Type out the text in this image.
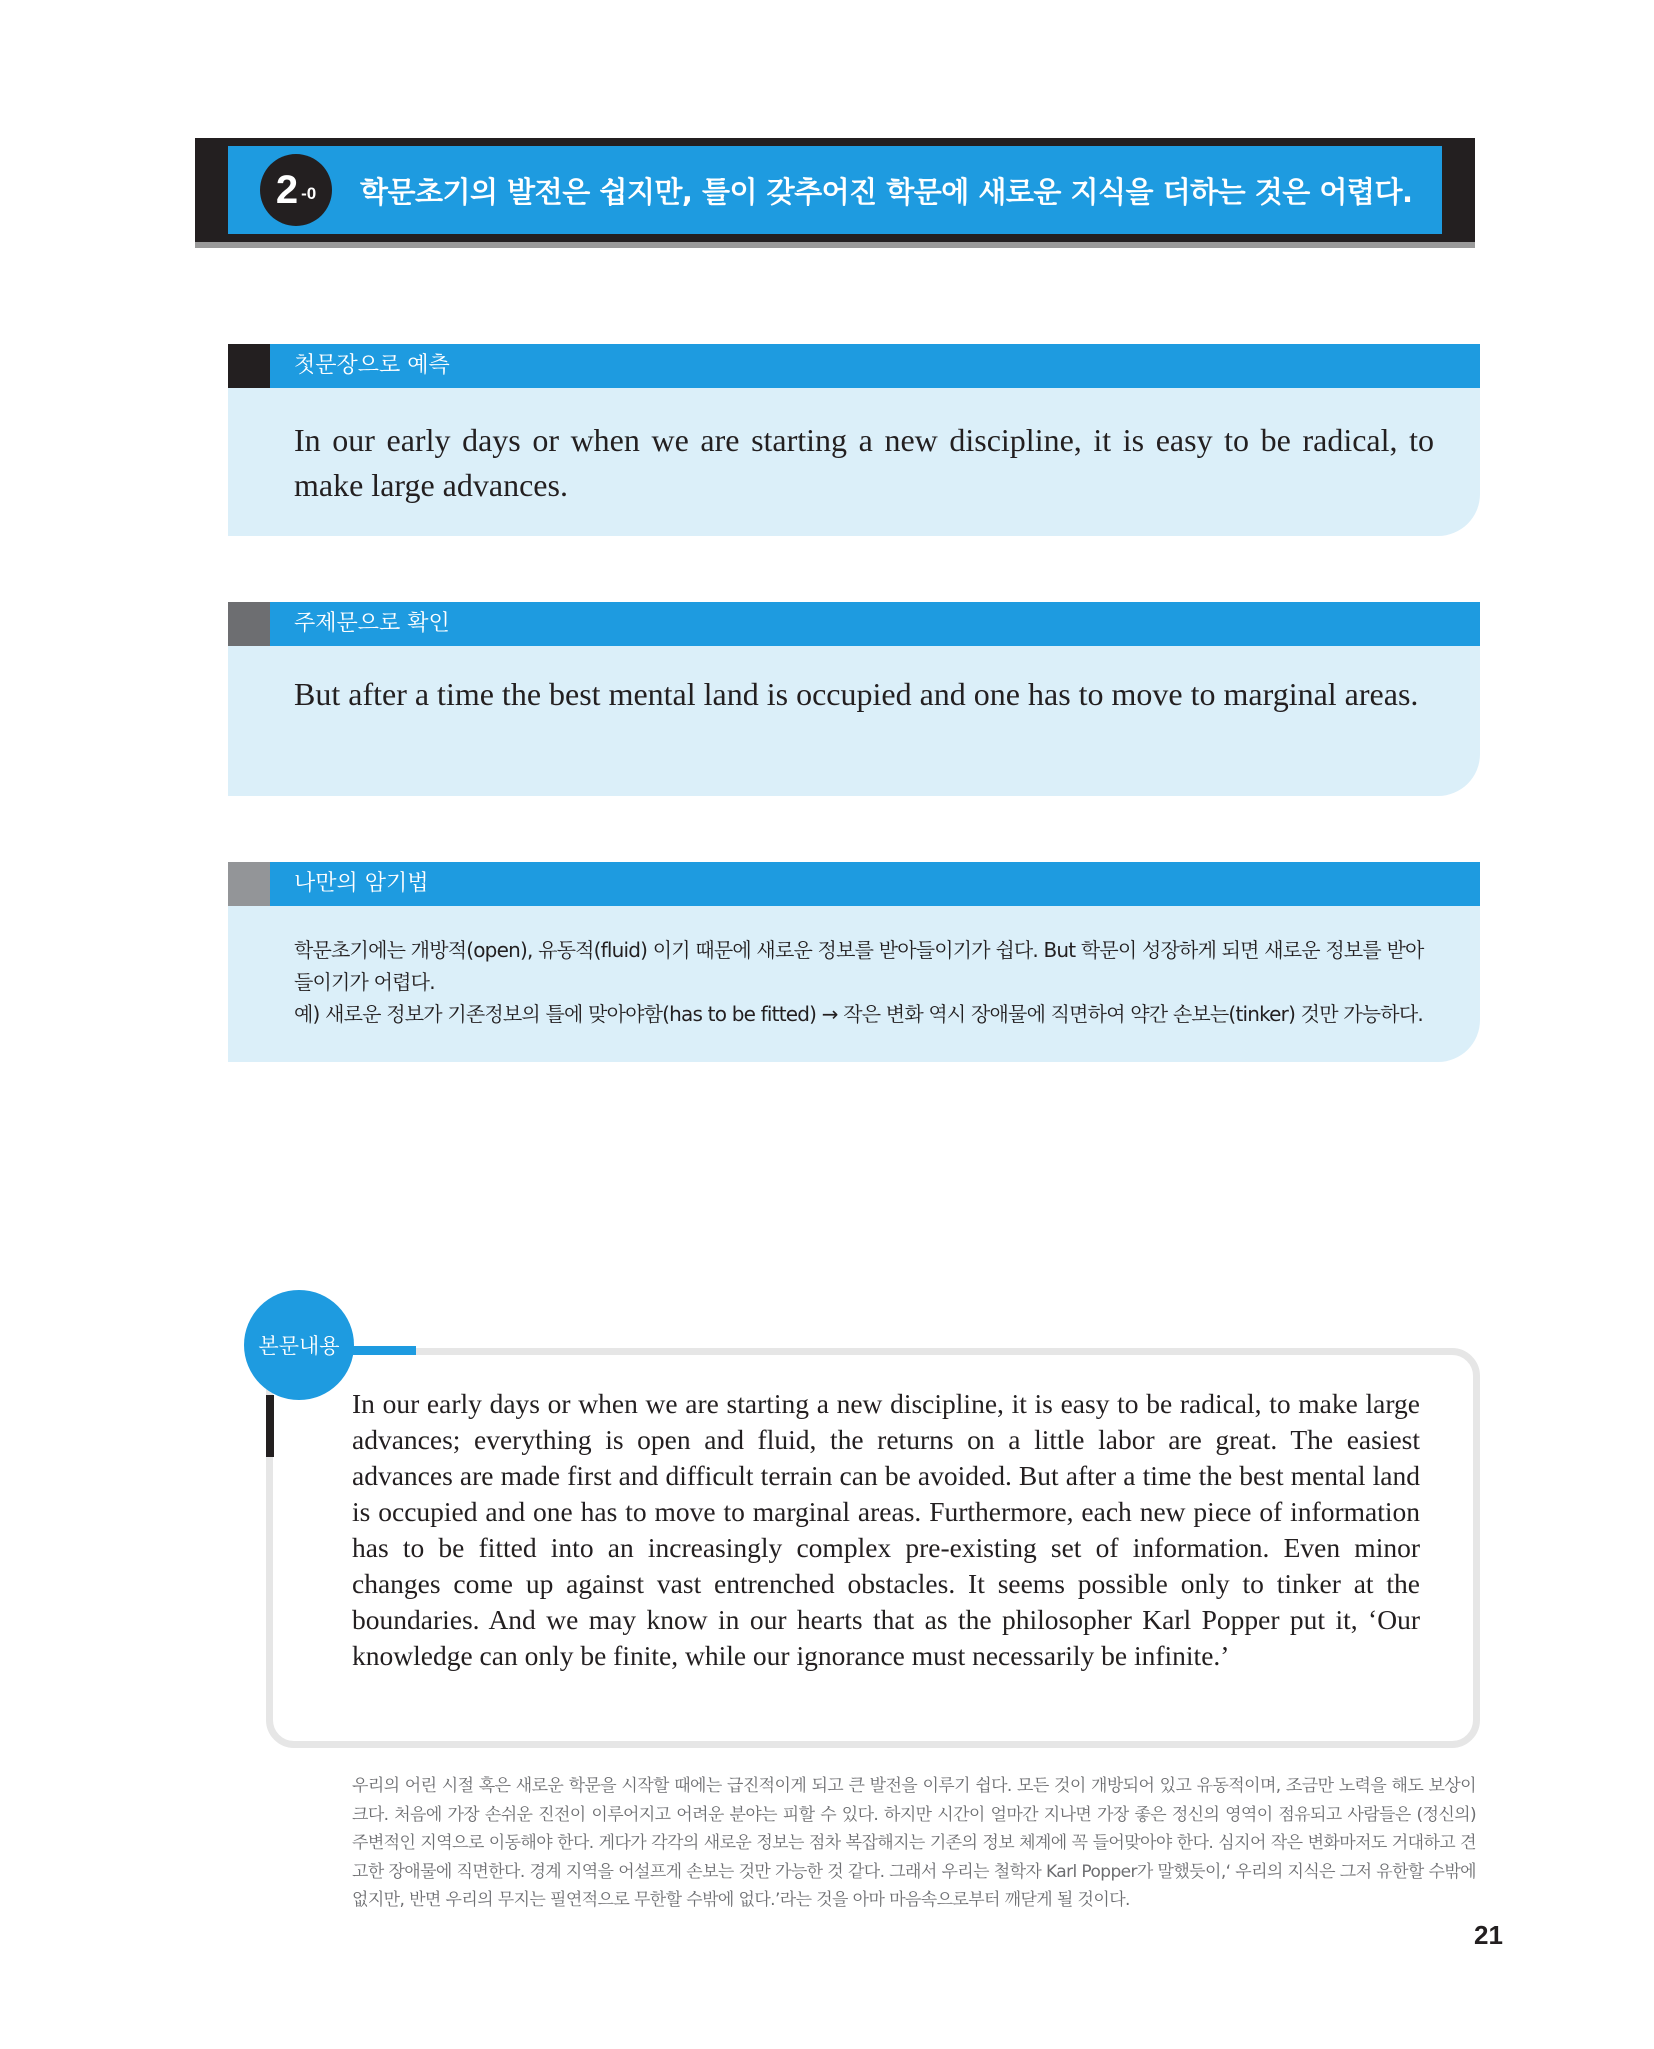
2 -0 학문초기의 발전은 쉽지만, 틀이 갖추어진 학문에 새로운 지식을 더하는 것은 어렵다.
첫문장으로 예측
In our early days or when we are starting a new discipline, it is easy to be radical, to make large advances.
주제문으로 확인
But after a time the best mental land is occupied and one has to move to marginal areas.
나만의 암기법
학문초기에는 개방적(open), 유동적(fluid) 이기 때문에 새로운 정보를 받아들이기가 쉽다. But 학문이 성장하게 되면 새로운 정보를 받아들이기가 어렵다.
예) 새로운 정보가 기존정보의 틀에 맞아야함(has to be fitted) → 작은 변화 역시 장애물에 직면하여 약간 손보는(tinker) 것만 가능하다.
본문내용
In our early days or when we are starting a new discipline, it is easy to be radical, to make large advances; everything is open and fluid, the returns on a little labor are great. The easiest advances are made first and difficult terrain can be avoided. But after a time the best mental land is occupied and one has to move to marginal areas. Furthermore, each new piece of information has to be fitted into an increasingly complex pre-existing set of information. Even minor changes come up against vast entrenched obstacles. It seems possible only to tinker at the boundaries. And we may know in our hearts that as the philosopher Karl Popper put it, ‘Our knowledge can only be finite, while our ignorance must necessarily be infinite.’
우리의 어린 시절 혹은 새로운 학문을 시작할 때에는 급진적이게 되고 큰 발전을 이루기 쉽다. 모든 것이 개방되어 있고 유동적이며, 조금만 노력을 해도 보상이 크다. 처음에 가장 손쉬운 진전이 이루어지고 어려운 분야는 피할 수 있다. 하지만 시간이 얼마간 지나면 가장 좋은 정신의 영역이 점유되고 사람들은 (정신의) 주변적인 지역으로 이동해야 한다. 게다가 각각의 새로운 정보는 점차 복잡해지는 기존의 정보 체계에 꼭 들어맞아야 한다. 심지어 작은 변화마저도 거대하고 견고한 장애물에 직면한다. 경계 지역을 어설프게 손보는 것만 가능한 것 같다. 그래서 우리는 철학자 Karl Popper가 말했듯이,‘ 우리의 지식은 그저 유한할 수밖에 없지만, 반면 우리의 무지는 필연적으로 무한할 수밖에 없다.’라는 것을 아마 마음속으로부터 깨닫게 될 것이다.
21
